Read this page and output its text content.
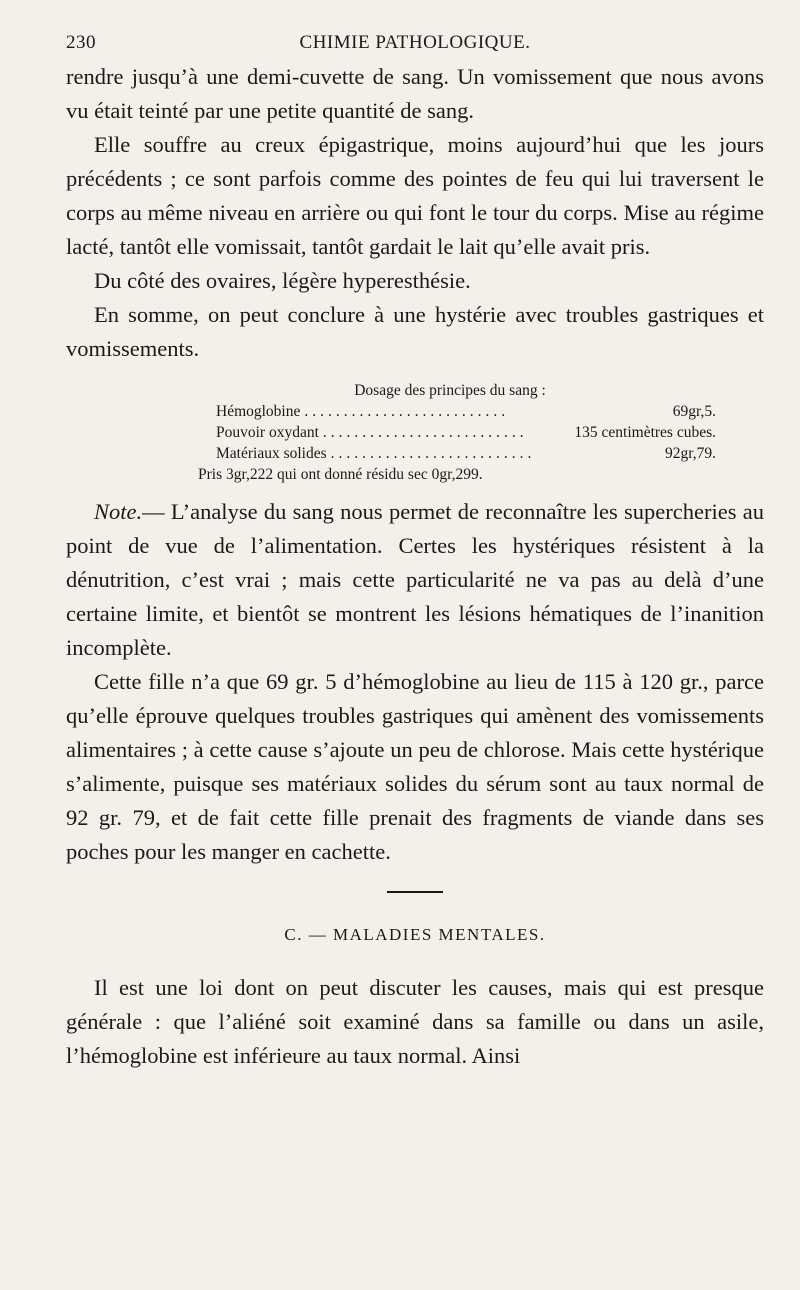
230	CHIMIE PATHOLOGIQUE.

rendre jusqu’à une demi-cuvette de sang. Un vomissement que nous avons vu était teinté par une petite quantité de sang.

Elle souffre au creux épigastrique, moins aujourd’hui que les jours précédents ; ce sont parfois comme des pointes de feu qui lui traversent le corps au même niveau en arrière ou qui font le tour du corps. Mise au régime lacté, tantôt elle vomissait, tantôt gardait le lait qu’elle avait pris.

Du côté des ovaires, légère hyperesthésie.

En somme, on peut conclure à une hystérie avec troubles gastriques et vomissements.

Dosage des principes du sang :
Hémoglobine ..........................	69gr,5.
Pouvoir oxydant ..........................	135 centimètres cubes.
Matériaux solides ..........................	92gr,79.
Pris 3gr,222 qui ont donné résidu sec 0gr,299.

Note.— L’analyse du sang nous permet de reconnaître les supercheries au point de vue de l’alimentation. Certes les hystériques résistent à la dénutrition, c’est vrai ; mais cette particularité ne va pas au delà d’une certaine limite, et bientôt se montrent les lésions hématiques de l’inanition incomplète.

Cette fille n’a que 69 gr. 5 d’hémoglobine au lieu de 115 à 120 gr., parce qu’elle éprouve quelques troubles gastriques qui amènent des vomissements alimentaires ; à cette cause s’ajoute un peu de chlorose. Mais cette hystérique s’alimente, puisque ses matériaux solides du sérum sont au taux normal de 92 gr. 79, et de fait cette fille prenait des fragments de viande dans ses poches pour les manger en cachette.

C. — MALADIES MENTALES.

Il est une loi dont on peut discuter les causes, mais qui est presque générale : que l’aliéné soit examiné dans sa famille ou dans un asile, l’hémoglobine est inférieure au taux normal. Ainsi
